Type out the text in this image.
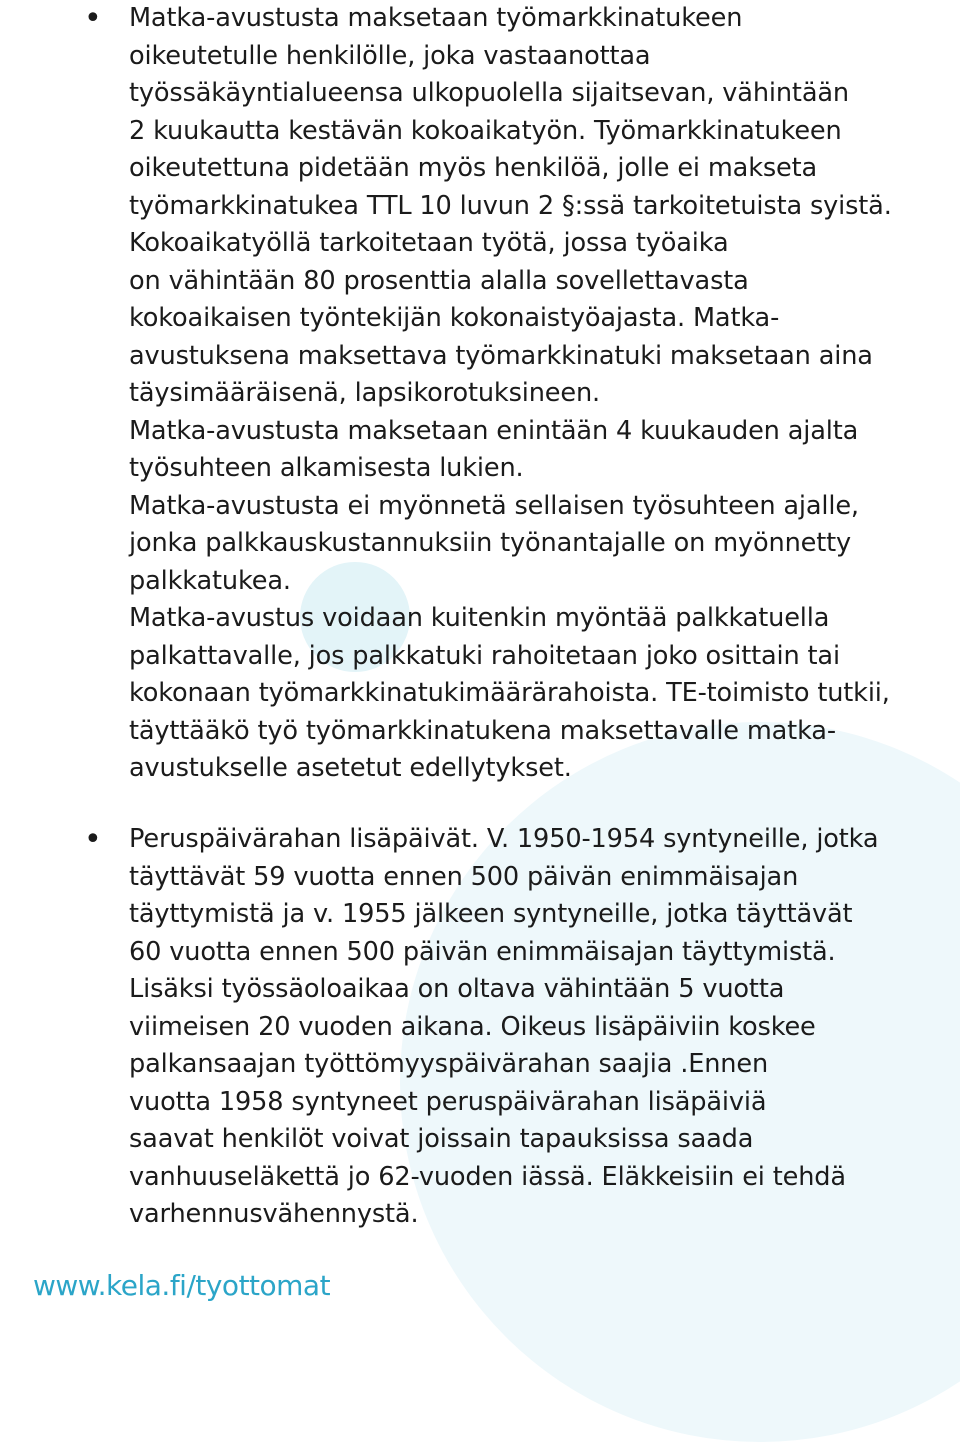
•	Matka-avustusta maksetaan työmarkkinatukeen
oikeutetulle henkilölle, joka vastaanottaa
työssäkäyntialueensa ulkopuolella sijaitsevan, vähintään
2 kuukautta kestävän kokoaikatyön. Työmarkkinatukeen
oikeutettuna pidetään myös henkilöä, jolle ei makseta
työmarkkinatukea TTL 10 luvun 2 §:ssä tarkoitetuista syistä.
Kokoaikatyöllä tarkoitetaan työtä, jossa työaika
on vähintään 80 prosenttia alalla sovellettavasta
kokoaikaisen työntekijän kokonaistyöajasta. Matka-
avustuksena maksettava työmarkkinatuki maksetaan aina
täysimääräisenä, lapsikorotuksineen.
Matka-avustusta maksetaan enintään 4 kuukauden ajalta
työsuhteen alkamisesta lukien.
Matka-avustusta ei myönnetä sellaisen työsuhteen ajalle,
jonka palkkauskustannuksiin työnantajalle on myönnetty
palkkatukea.
Matka-avustus voidaan kuitenkin myöntää palkkatuella
palkattavalle, jos palkkatuki rahoitetaan joko osittain tai
kokonaan työmarkkinatukimäärärahoista. TE-toimisto tutkii,
täyttääkö työ työmarkkinatukena maksettavalle matka-
avustukselle asetetut edellytykset.
•	Peruspäivärahan lisäpäivät. V. 1950-1954 syntyneille, jotka
täyttävät 59 vuotta ennen 500 päivän enimmäisajan
täyttymistä ja v. 1955 jälkeen syntyneille, jotka täyttävät
60 vuotta ennen 500 päivän enimmäisajan täyttymistä.
Lisäksi työssäoloaikaa on oltava vähintään 5 vuotta
viimeisen 20 vuoden aikana. Oikeus lisäpäiviin koskee
palkansaajan työttömyyspäivärahan saajia .Ennen
vuotta 1958 syntyneet peruspäivärahan lisäpäiviä
saavat henkilöt voivat joissain tapauksissa saada
vanhuuseläkettä jo 62-vuoden iässä. Eläkkeisiin ei tehdä
varhennusvähennystä.
www.kela.fi/tyottomat
